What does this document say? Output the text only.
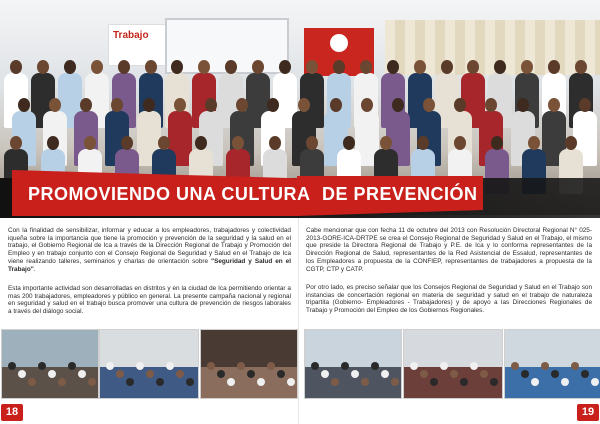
Trabajo
PROMOVIENDO UNA CULTURA DE PREVENCIÓN

Con la finalidad de sensibilizar, informar y educar a los empleadores, trabajadores y colectividad iqueña sobre la importancia que tiene la promoción y prevención de la seguridad y la salud en el trabajo, el Gobierno Regional de Ica a través de la Dirección Regional de Trabajo y Promoción del Empleo y en trabajo conjunto con el Consejo Regional de Seguridad y Salud en el Trabajo de Ica viene realizando talleres, seminarios y charlas de orientación sobre "Seguridad y Salud en el Trabajo".

Esta importante actividad son desarrolladas en distritos y en la ciudad de Ica permitiendo orientar a mas 200 trabajadores, empleadores y público en general. La presente campaña nacional y regional en seguridad y salud en el trabajo busca promover una cultura de prevención de riesgos laborales a través del diálogo social.

Cabe mencionar que con fecha 11 de octubre del 2013 con Resolución Directoral Regional N° 025-2013-GORE-ICA-DRTPE se crea el Consejo Regional de Seguridad y Salud en el Trabajo, el mismo que preside la Directora Regional de Trabajo y P.E. de Ica y lo conforma representantes de la Dirección Regional de Salud, representantes de la Red Asistencial de Essalud, representantes de los Empleadores a propuesta de la CONFIEP, representantes de trabajadores a propuesta de la CGTP, CTP y CATP.

Por otro lado, es preciso señalar que los Consejos Regional de Seguridad y Salud en el Trabajo son instancias de concertación regional en materia de seguridad y salud en el trabajo de naturaleza tripartita (Gobierno- Empleadores - Trabajadores) y de apoyo a las Direcciones Regionales de Trabajo y Promoción del Empleo de los Gobiernos Regionales.

18	19
